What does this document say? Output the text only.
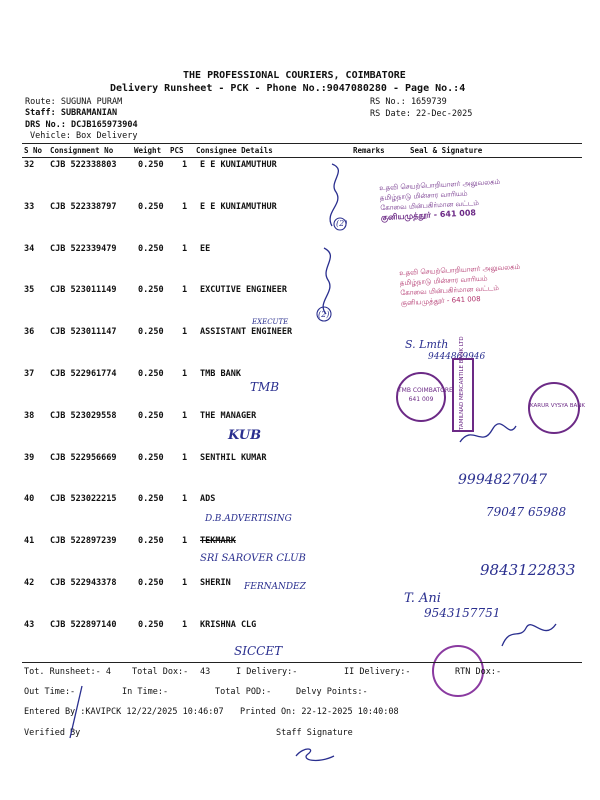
THE PROFESSIONAL COURIERS, COIMBATORE
Delivery Runsheet - PCK - Phone No.:9047080280 - Page No.:4
Route: SUGUNA PURAM
Staff: SUBRAMANIAN
DRS No.: DCJB165973904
Vehicle: Box Delivery
RS No.: 1659739
RS Date: 22-Dec-2025
S No Consignment No	Weight PCS Consignee Details	Remarks	Seal & Signature
32 CJB 522338803	0.250 1 E E KUNIAMUTHUR
33 CJB 522338797	0.250 1 E E KUNIAMUTHUR
34 CJB 522339479	0.250 1 EE
35 CJB 523011149	0.250 1 EXCUTIVE ENGINEER
36 CJB 523011147	0.250 1 ASSISTANT ENGINEER
37 CJB 522961774	0.250 1 TMB BANK
38 CJB 523029558	0.250 1 THE MANAGER
39 CJB 522956669	0.250 1 SENTHIL KUMAR
40 CJB 523022215	0.250 1 ADS
41 CJB 522897239	0.250 1 TEKMARK
42 CJB 522943378	0.250 1 SHERIN
43 CJB 522897140	0.250 1 KRISHNA CLG
(2)
(2)
உதவி செயற்பொறியாளர் அலுவலகம்
தமிழ்நாடு மின்சார வாரியம்
கோவை மின்பகிர்மான வட்டம்
குனியமுத்தூர் - 641 008
உதவி செயற்பொறியாளர் அலுவலகம்
தமிழ்நாடு மின்சார வாரியம்
கோவை மின்பகிர்மான வட்டம்
குனியமுத்தூர் - 641 008
EXECUTE
S. Lmth
9444869946
TMB COIMBATORE
641 009	TAMILNAD MERCANTILE BANK LTD	KARUR VYSYA BANK
TMB
KUB
9994827047
D.B.ADVERTISING	79047 65988
SRI SAROVER CLUB
9843122833
FERNANDEZ
T. Ani
9543157751
SICCET
Tot. Runsheet:- 4 Total Dox:- 43	I Delivery:-	II Delivery:-	RTN Dox:-
Out Time:-	In Time:-	Total POD:-	Delvy Points:-
Entered By :KAVIPCK 12/22/2025 10:46:07 Printed On: 22-12-2025 10:40:08
Verified By	Staff Signature
